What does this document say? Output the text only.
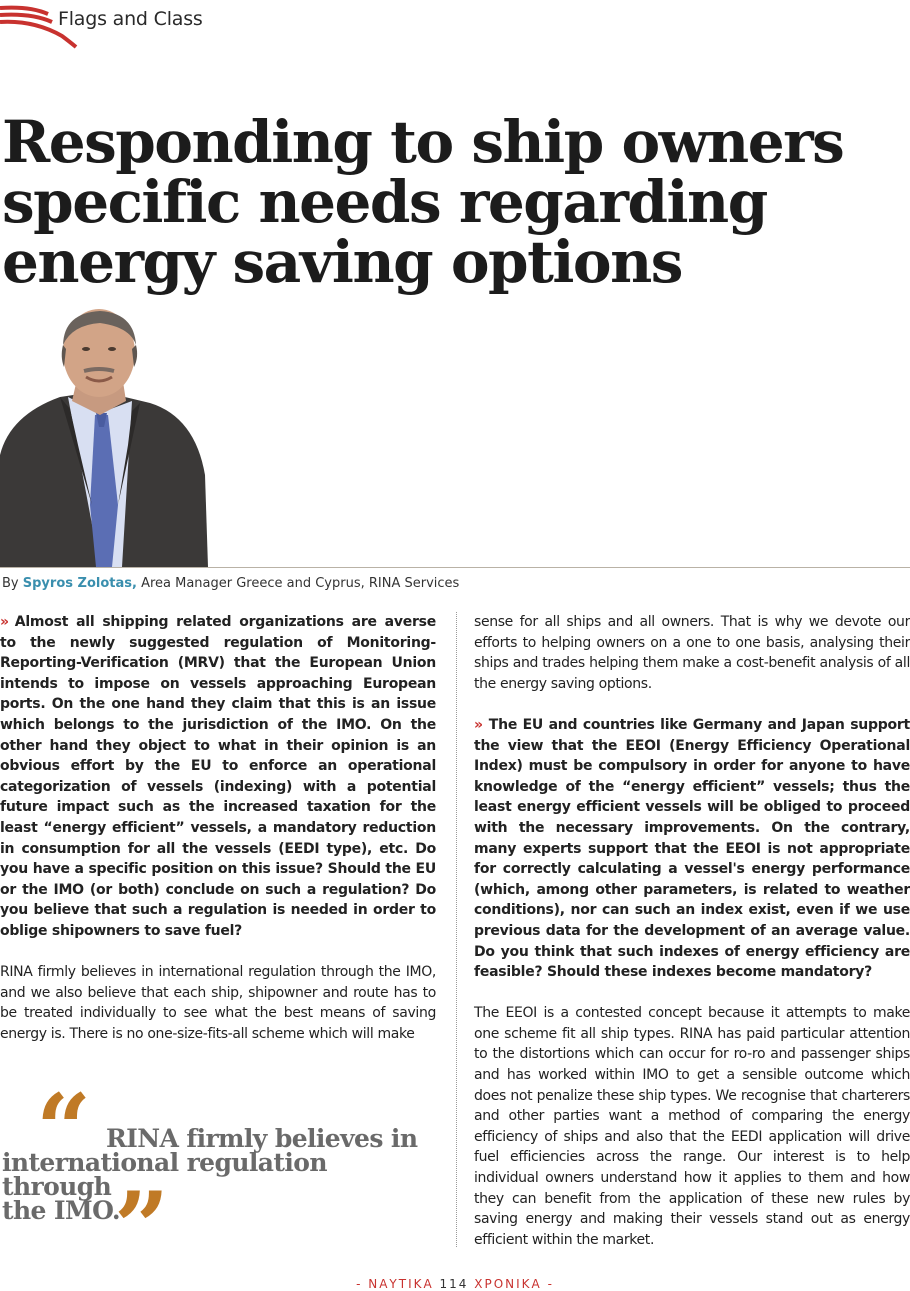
Flags and Class
Responding to ship owners specific needs regarding energy saving options
By Spyros Zolotas, Area Manager Greece and Cyprus, RINA Services

» Almost all shipping related organizations are averse to the newly suggested regulation of Monitoring-Reporting-Verification (MRV) that the European Union intends to impose on vessels approaching European ports. On the one hand they claim that this is an issue which belongs to the jurisdiction of the IMO. On the other hand they object to what in their opinion is an obvious effort by the EU to enforce an operational categorization of vessels (indexing) with a potential future impact such as the increased taxation for the least “energy efficient” vessels, a mandatory reduction in consumption for all the vessels (EEDI type), etc. Do you have a specific position on this issue? Should the EU or the IMO (or both) conclude on such a regulation? Do you believe that such a regulation is needed in order to oblige shipowners to save fuel?

RINA firmly believes in international regulation through the IMO, and we also believe that each ship, shipowner and route has to be treated individually to see what the best means of saving energy is. There is no one-size-fits-all scheme which will make

sense for all ships and all owners. That is why we devote our efforts to helping owners on a one to one basis, analysing their ships and trades helping them make a cost-benefit analysis of all the energy saving options.

» The EU and countries like Germany and Japan support the view that the EEOI (Energy Efficiency Operational Index) must be compulsory in order for anyone to have knowledge of the “energy efficient” vessels; thus the least energy efficient vessels will be obliged to proceed with the necessary improvements. On the contrary, many experts support that the EEOI is not appropriate for correctly calculating a vessel's energy performance (which, among other parameters, is related to weather conditions), nor can such an index exist, even if we use previous data for the development of an average value. Do you think that such indexes of energy efficiency are feasible? Should these indexes become mandatory?

The EEOI is a contested concept because it attempts to make one scheme fit all ship types. RINA has paid particular attention to the distortions which can occur for ro-ro and passenger ships and has worked within IMO to get a sensible outcome which does not penalize these ship types. We recognise that charterers and other parties want a method of comparing the energy efficiency of ships and also that the EEDI application will drive fuel efficiencies across the range. Our interest is to help individual owners understand how it applies to them and how they can benefit from the application of these new rules by saving energy and making their vessels stand out as energy efficient within the market.

“ RINA firmly believes in
international regulation through
the IMO.
”	- ΝΑΥΤΙΚΑ 114 ΧΡΟΝΙΚΑ -
